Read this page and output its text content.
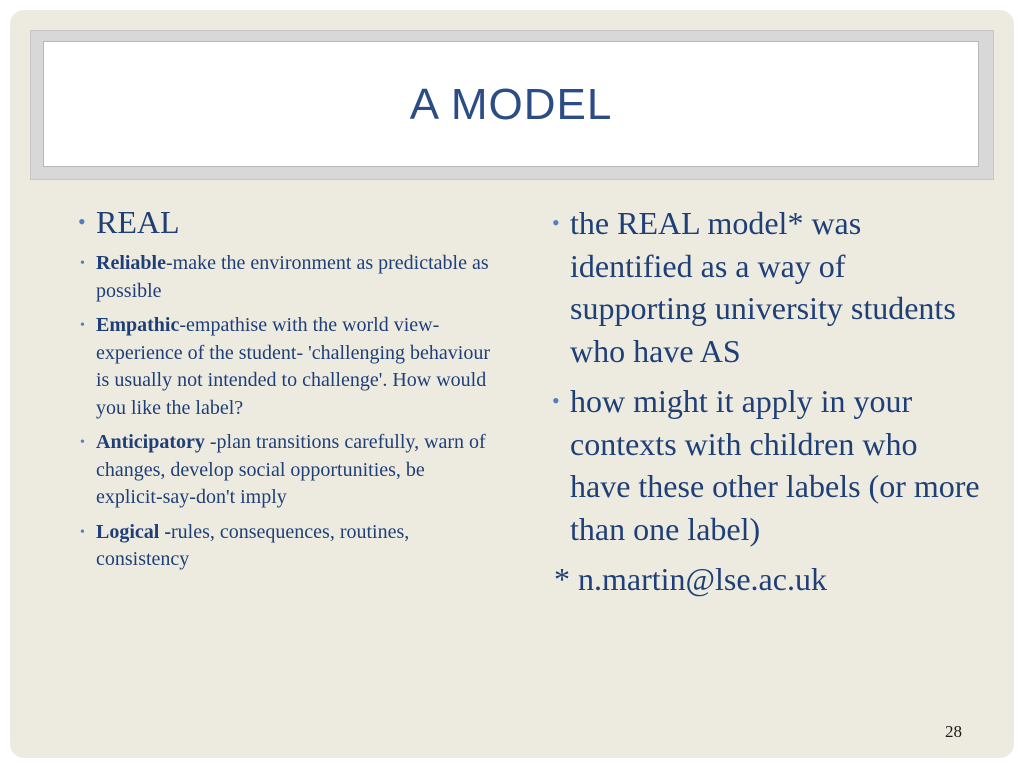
A MODEL
• REAL
• Reliable-make the environment as predictable as possible
• Empathic-empathise with the world view-experience of the student- 'challenging behaviour is usually not intended to challenge'. How would you like the label?
• Anticipatory -plan transitions carefully, warn of changes, develop social opportunities, be explicit-say-don't imply
• Logical -rules, consequences, routines, consistency
• the REAL model* was identified as a way of supporting university students who have AS
• how might it apply in your contexts with children who have these other labels (or more than one label)
* n.martin@lse.ac.uk
28
